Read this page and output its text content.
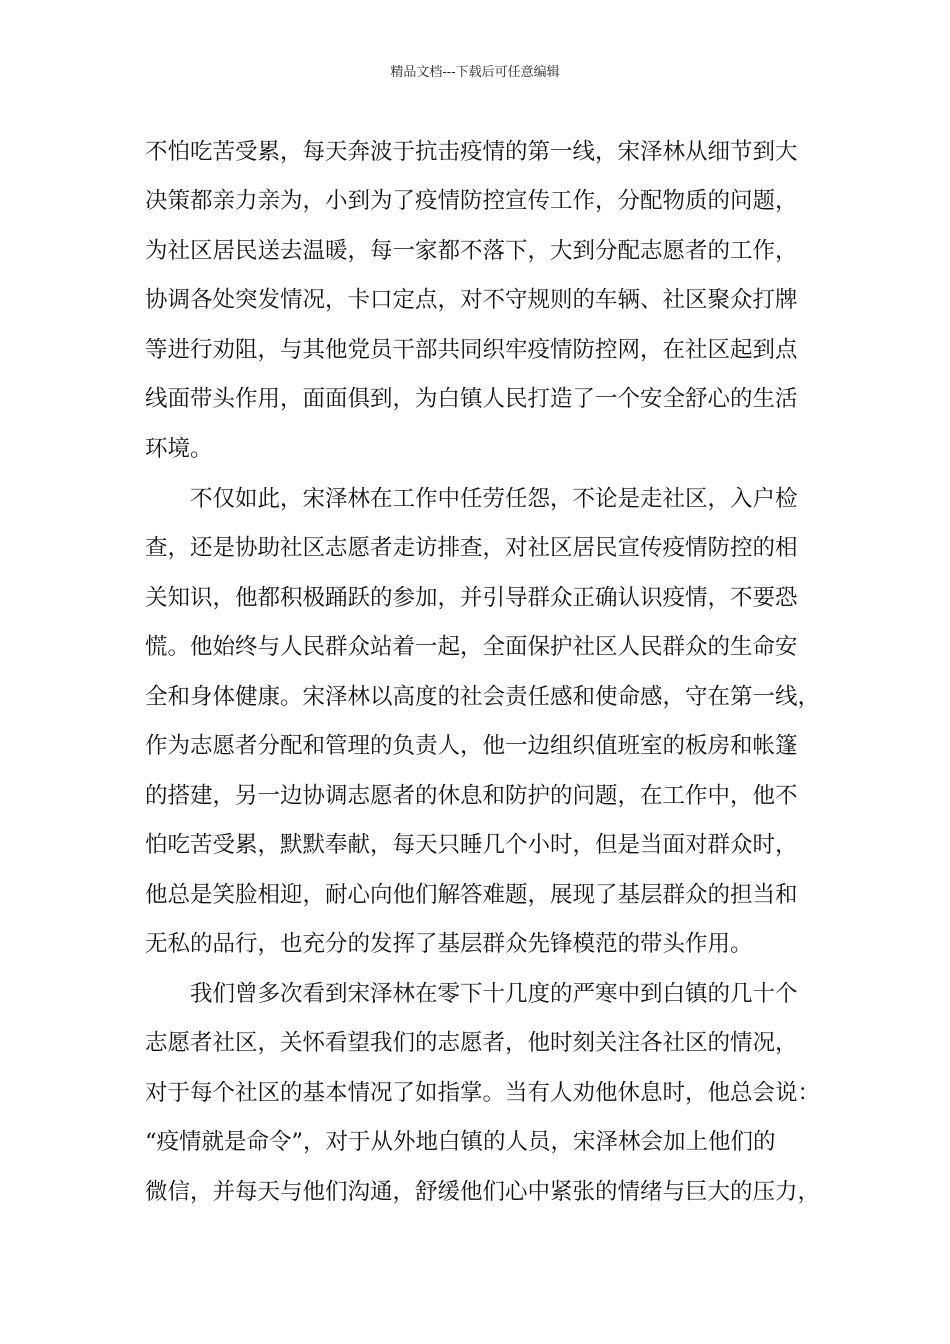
精品文档---下载后可任意编辑
不怕吃苦受累，每天奔波于抗击疫情的第一线，宋泽林从细节到大
决策都亲力亲为，小到为了疫情防控宣传工作，分配物质的问题，
为社区居民送去温暖，每一家都不落下，大到分配志愿者的工作，
协调各处突发情况，卡口定点，对不守规则的车辆、社区聚众打牌
等进行劝阻，与其他党员干部共同织牢疫情防控网，在社区起到点
线面带头作用，面面俱到，为白镇人民打造了一个安全舒心的生活
环境。
不仅如此，宋泽林在工作中任劳任怨，不论是走社区，入户检
查，还是协助社区志愿者走访排查，对社区居民宣传疫情防控的相
关知识，他都积极踊跃的参加，并引导群众正确认识疫情，不要恐
慌。他始终与人民群众站着一起，全面保护社区人民群众的生命安
全和身体健康。宋泽林以高度的社会责任感和使命感，守在第一线，
作为志愿者分配和管理的负责人，他一边组织值班室的板房和帐篷
的搭建，另一边协调志愿者的休息和防护的问题，在工作中，他不
怕吃苦受累，默默奉献，每天只睡几个小时，但是当面对群众时，
他总是笑脸相迎，耐心向他们解答难题，展现了基层群众的担当和
无私的品行，也充分的发挥了基层群众先锋模范的带头作用。
我们曾多次看到宋泽林在零下十几度的严寒中到白镇的几十个
志愿者社区，关怀看望我们的志愿者，他时刻关注各社区的情况，
对于每个社区的基本情况了如指掌。当有人劝他休息时，他总会说：
“疫情就是命令”，对于从外地白镇的人员，宋泽林会加上他们的
微信，并每天与他们沟通，舒缓他们心中紧张的情绪与巨大的压力，
